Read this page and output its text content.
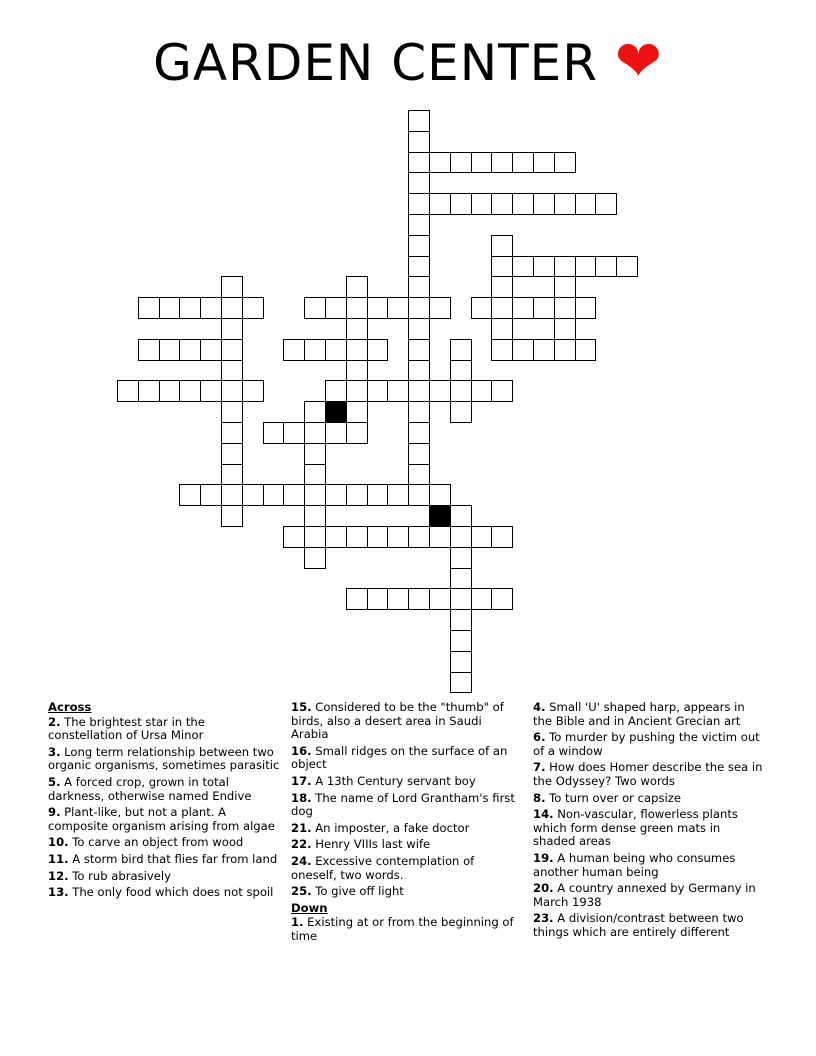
GARDEN CENTER ❤
Across
2. The brightest star in the constellation of Ursa Minor
3. Long term relationship between two organic organisms, sometimes parasitic
5. A forced crop, grown in total darkness, otherwise named Endive
9. Plant-like, but not a plant. A composite organism arising from algae
10. To carve an object from wood
11. A storm bird that flies far from land
12. To rub abrasively
13. The only food which does not spoil
15. Considered to be the "thumb" of birds, also a desert area in Saudi Arabia
16. Small ridges on the surface of an object
17. A 13th Century servant boy
18. The name of Lord Grantham's first dog
21. An imposter, a fake doctor
22. Henry VIIIs last wife
24. Excessive contemplation of oneself, two words.
25. To give off light
Down
1. Existing at or from the beginning of time
4. Small 'U' shaped harp, appears in the Bible and in Ancient Grecian art
6. To murder by pushing the victim out of a window
7. How does Homer describe the sea in the Odyssey? Two words
8. To turn over or capsize
14. Non-vascular, flowerless plants which form dense green mats in shaded areas
19. A human being who consumes another human being
20. A country annexed by Germany in March 1938
23. A division/contrast between two things which are entirely different
